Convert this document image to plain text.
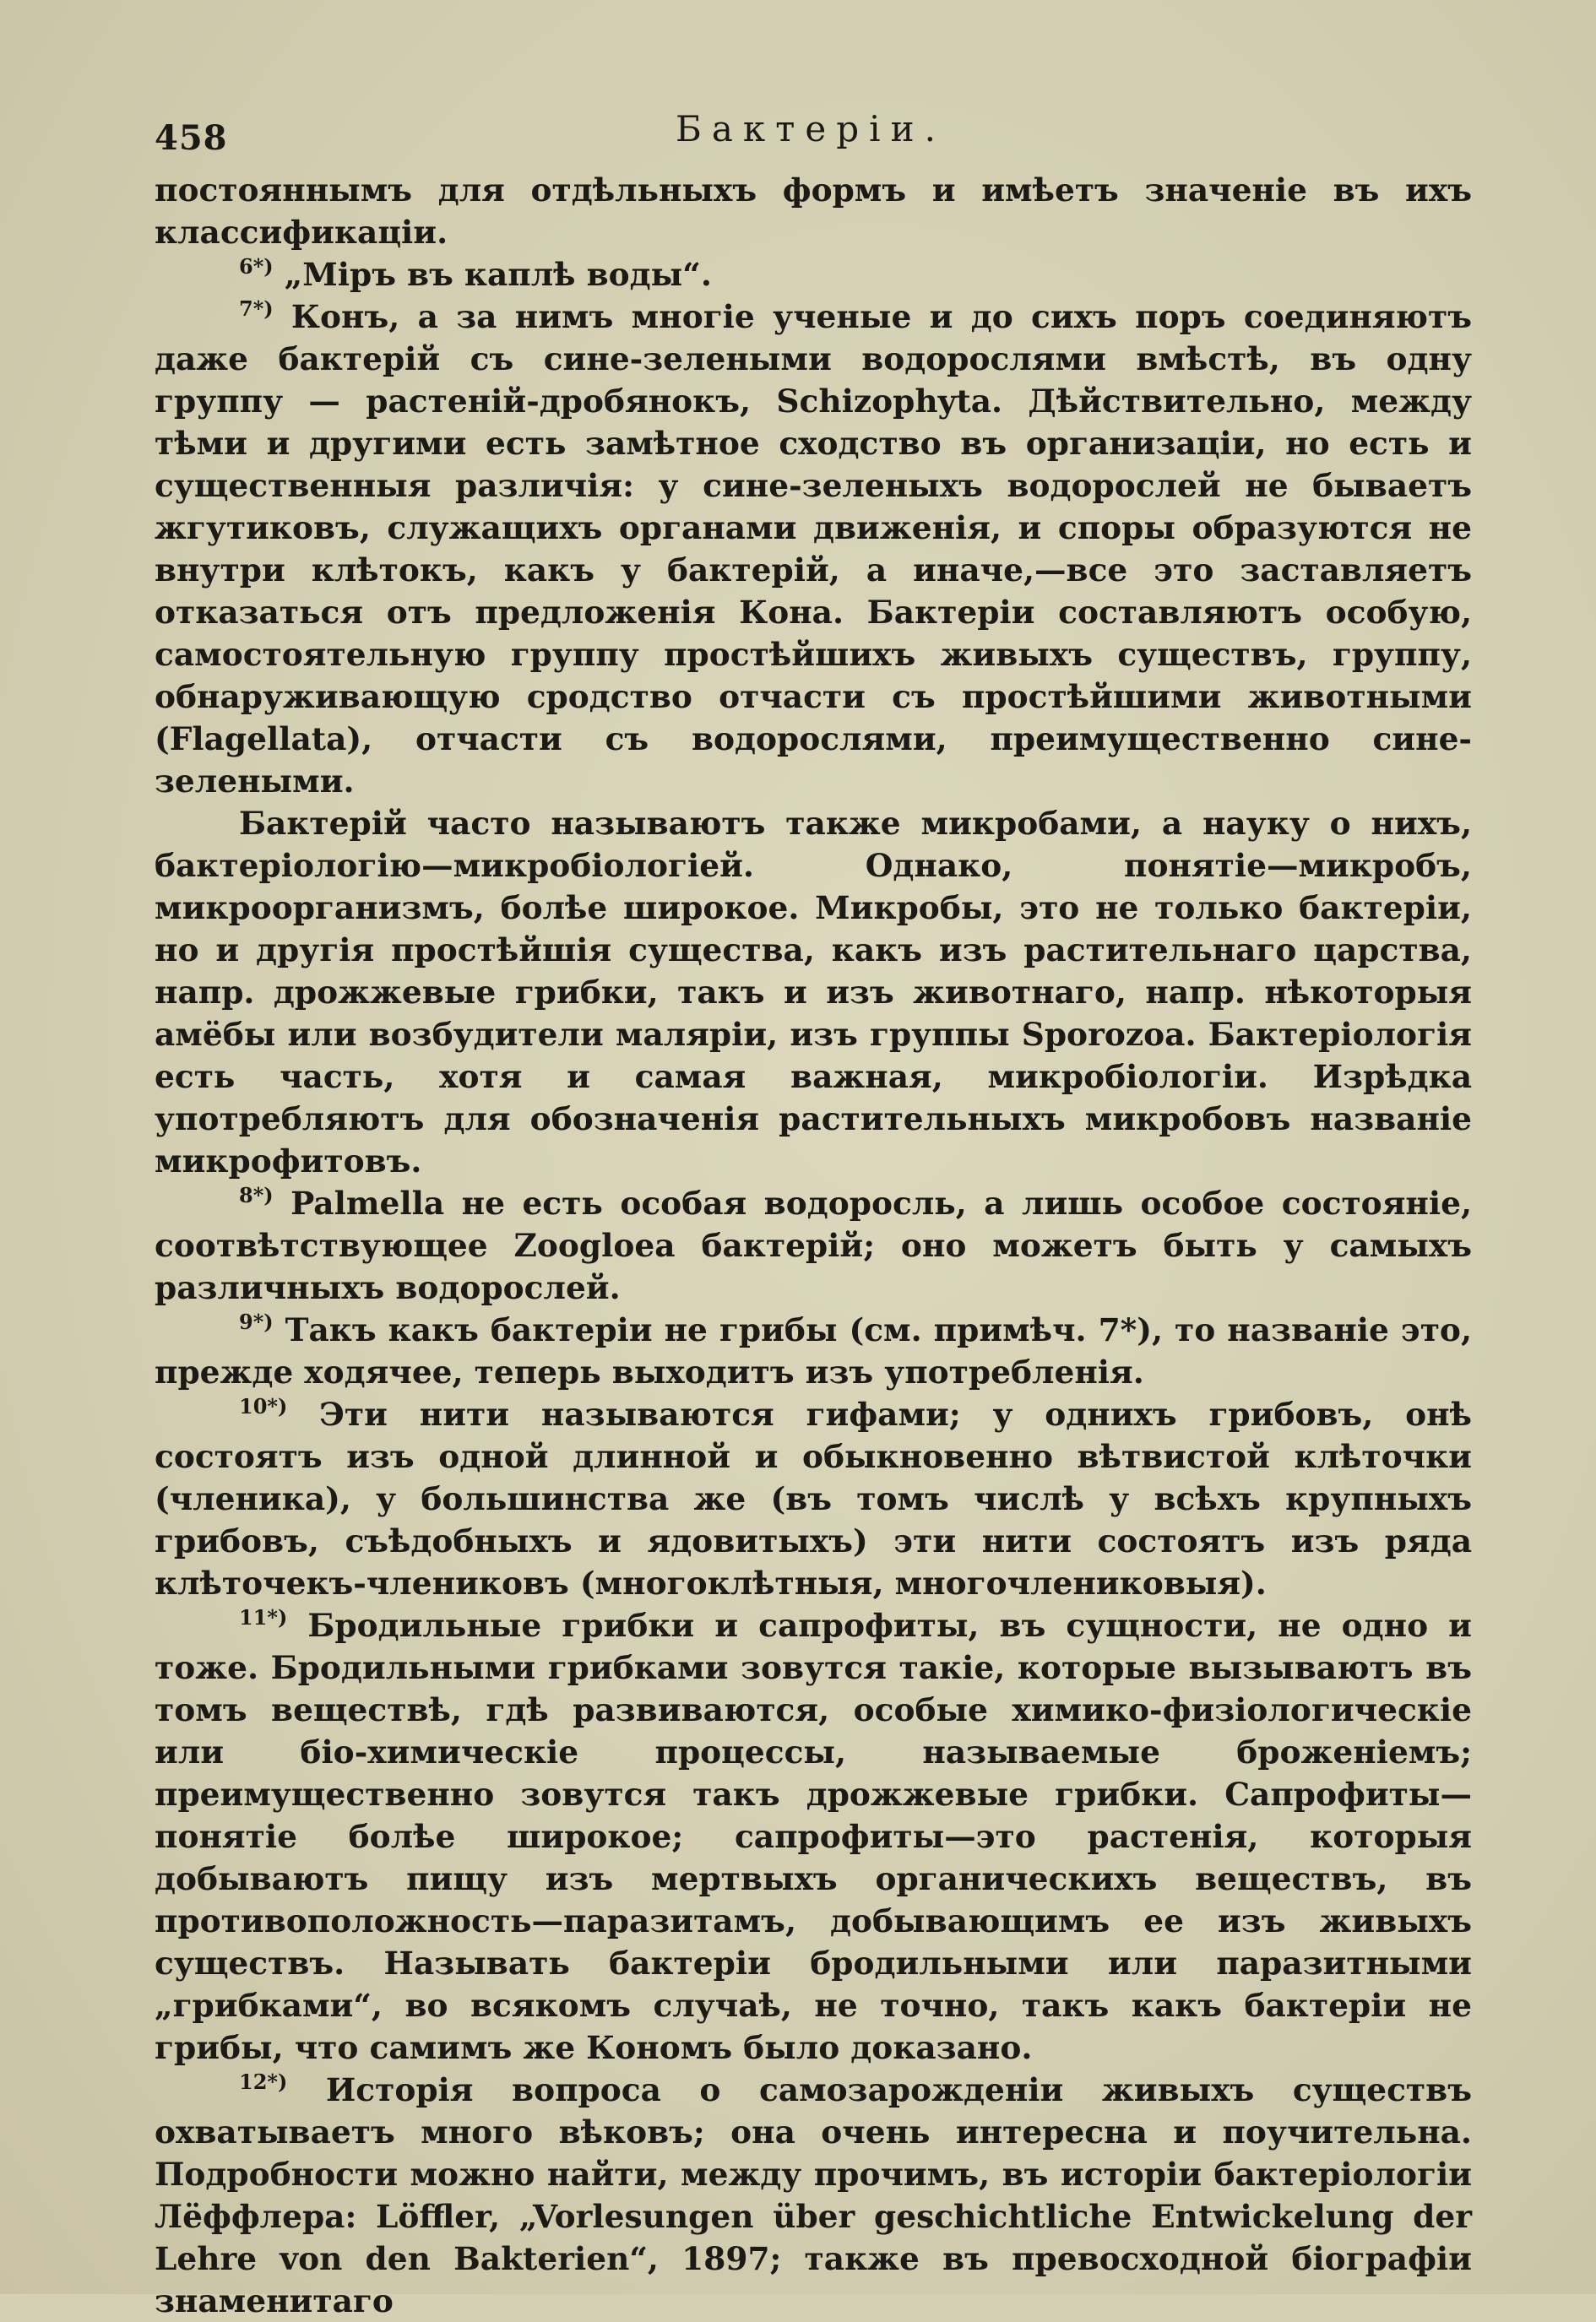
458	Бактерiи.

постояннымъ для отдѣльныхъ формъ и имѣетъ значенiе въ ихъ классификацiи.

$^{6*)}$ „Мiръ въ каплѣ воды“.

$^{7*)}$ Конъ, а за нимъ многiе ученые и до сихъ поръ соединяютъ даже бактерiй съ сине-зелеными водорослями вмѣстѣ, въ одну группу — растенiй-дробянокъ, Schizophyta. Дѣйствительно, между тѣми и другими есть замѣтное сходство въ организацiи, но есть и существенныя различiя: у сине-зеленыхъ водорослей не бываетъ жгутиковъ, служащихъ органами движенiя, и споры образуются не внутри клѣтокъ, какъ у бактерiй, а иначе,—все это заставляетъ отказаться отъ предложенiя Кона. Бактерiи составляютъ особую, самостоятельную группу простѣйшихъ живыхъ существъ, группу, обнаруживающую сродство отчасти съ простѣйшими животными (Flagellata), отчасти съ водорослями, преимущественно сине-зелеными.

Бактерiй часто называютъ также микробами, а науку о нихъ, бактерiологiю—микробiологiей. Однако, понятiе—микробъ, микроорганизмъ, болѣе широкое. Микробы, это не только бактерiи, но и другiя простѣйшiя существа, какъ изъ растительнаго царства, напр. дрожжевые грибки, такъ и изъ животнаго, напр. нѣкоторыя амёбы или возбудители малярiи, изъ группы Sporozoa. Бактерiологiя есть часть, хотя и самая важная, микробiологiи. Изрѣдка употребляютъ для обозначенiя растительныхъ микробовъ названiе микрофитовъ.

$^{8*)}$ Palmella не есть особая водоросль, а лишь особое состоянiе, соотвѣтствующее Zoogloea бактерiй; оно можетъ быть у самыхъ различныхъ водорослей.

$^{9*)}$ Такъ какъ бактерiи не грибы (см. примѣч. 7*), то названiе это, прежде ходячее, теперь выходитъ изъ употребленiя.

$^{10*)}$ Эти нити называются гифами; у однихъ грибовъ, онѣ состоятъ изъ одной длинной и обыкновенно вѣтвистой клѣточки (членика), у большинства же (въ томъ числѣ у всѣхъ крупныхъ грибовъ, съѣдобныхъ и ядовитыхъ) эти нити состоятъ изъ ряда клѣточекъ-члениковъ (многоклѣтныя, многочлениковыя).

$^{11*)}$ Бродильные грибки и сапрофиты, въ сущности, не одно и тоже. Бродильными грибками зовутся такiе, которые вызываютъ въ томъ веществѣ, гдѣ развиваются, особые химико-физiологическiе или бiо-химическiе процессы, называемые броженiемъ; преимущественно зовутся такъ дрожжевые грибки. Сапрофиты—понятiе болѣе широкое; сапрофиты—это растенiя, которыя добываютъ пищу изъ мертвыхъ органическихъ веществъ, въ противоположность—паразитамъ, добывающимъ ее изъ живыхъ существъ. Называть бактерiи бродильными или паразитными „грибками“, во всякомъ случаѣ, не точно, такъ какъ бактерiи не грибы, что самимъ же Кономъ было доказано.

$^{12*)}$ Исторiя вопроса о самозарожденiи живыхъ существъ охватываетъ много вѣковъ; она очень интересна и поучительна. Подробности можно найти, между прочимъ, въ исторiи бактерiологiи Лёффлера: Löffler, „Vorlesungen über geschichtliche Entwickelung der Lehre von den Bakterien“, 1897; также въ превосходной бiографiи знаменитаго
